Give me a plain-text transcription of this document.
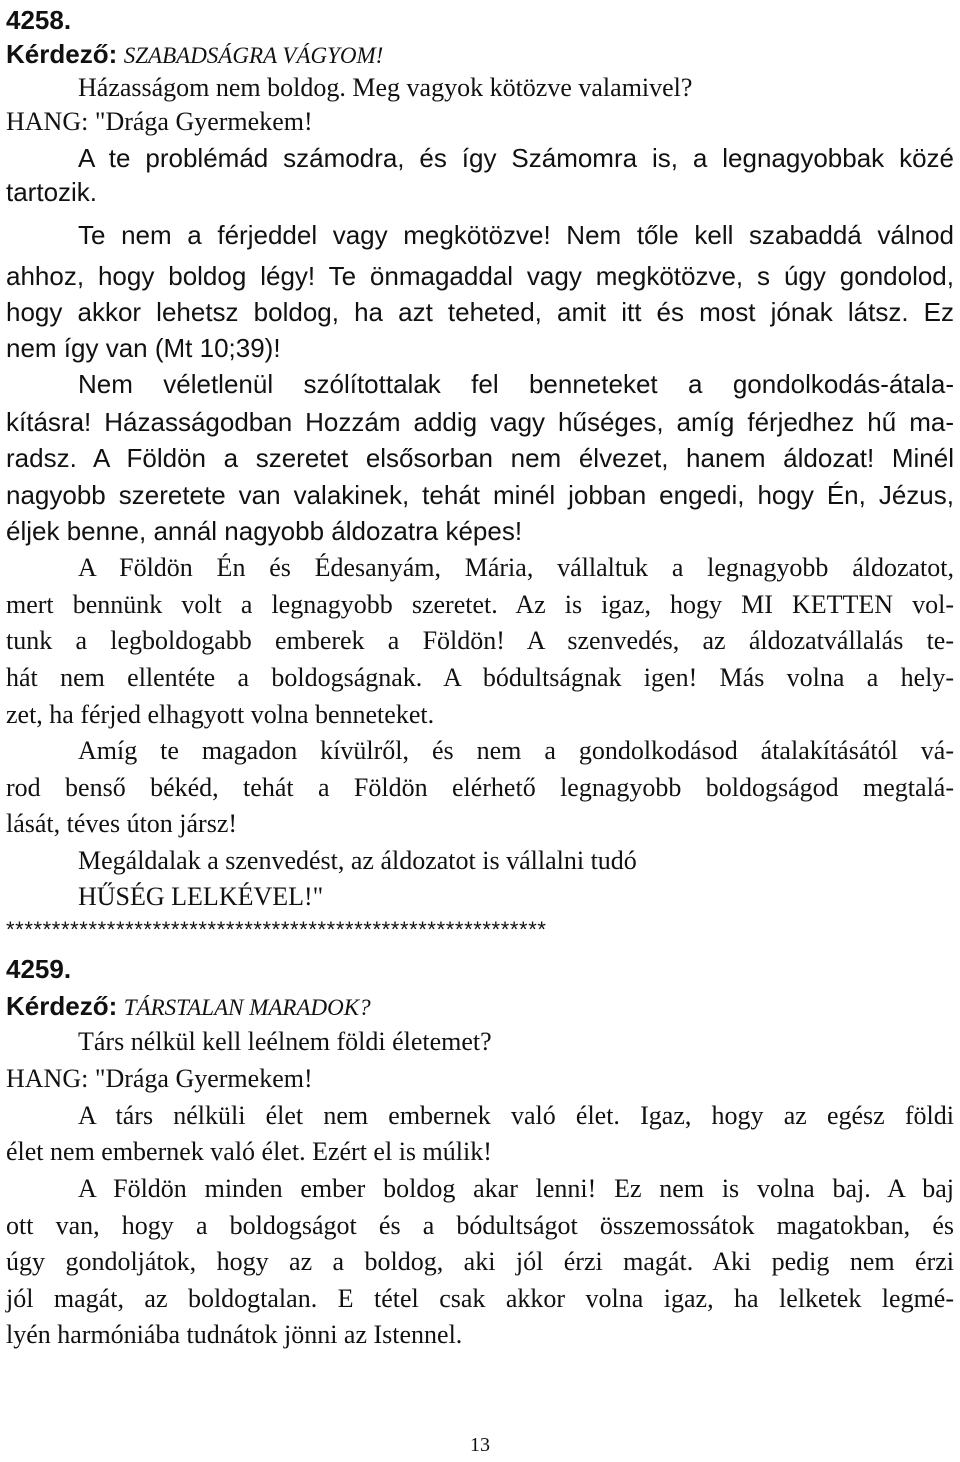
4258.
Kérdező: SZABADSÁGRA VÁGYOM!
Házasságom nem boldog. Meg vagyok kötözve valamivel?
HANG: "Drága Gyermekem!
A te problémád számodra, és így Számomra is, a legnagyobbak közé
tartozik.
Te nem a férjeddel vagy megkötözve! Nem tőle kell szabaddá válnod
ahhoz, hogy boldog légy! Te önmagaddal vagy megkötözve, s úgy gondolod,
hogy akkor lehetsz boldog, ha azt teheted, amit itt és most jónak látsz. Ez
nem így van (Mt 10;39)!
Nem véletlenül szólítottalak fel benneteket a gondolkodás-átala-
kításra! Házasságodban Hozzám addig vagy hűséges, amíg férjedhez hű ma-
radsz. A Földön a szeretet elsősorban nem élvezet, hanem áldozat! Minél
nagyobb szeretete van valakinek, tehát minél jobban engedi, hogy Én, Jézus,
éljek benne, annál nagyobb áldozatra képes!
A Földön Én és Édesanyám, Mária, vállaltuk a legnagyobb áldozatot,
mert bennünk volt a legnagyobb szeretet. Az is igaz, hogy MI KETTEN vol-
tunk a legboldogabb emberek a Földön! A szenvedés, az áldozatvállalás te-
hát nem ellentéte a boldogságnak. A bódultságnak igen! Más volna a hely-
zet, ha férjed elhagyott volna benneteket.
Amíg te magadon kívülről, és nem a gondolkodásod átalakításától vá-
rod benső békéd, tehát a Földön elérhető legnagyobb boldogságod megtalá-
lását, téves úton jársz!
Megáldalak a szenvedést, az áldozatot is vállalni tudó
HŰSÉG LELKÉVEL!"
***********************************************************
4259.
Kérdező: TÁRSTALAN MARADOK?
Társ nélkül kell leélnem földi életemet?
HANG: "Drága Gyermekem!
A társ nélküli élet nem embernek való élet. Igaz, hogy az egész földi
élet nem embernek való élet. Ezért el is múlik!
A Földön minden ember boldog akar lenni! Ez nem is volna baj. A baj
ott van, hogy a boldogságot és a bódultságot összemossátok magatokban, és
úgy gondoljátok, hogy az a boldog, aki jól érzi magát. Aki pedig nem érzi
jól magát, az boldogtalan. E tétel csak akkor volna igaz, ha lelketek legmé-
lyén harmóniába tudnátok jönni az Istennel.
13
